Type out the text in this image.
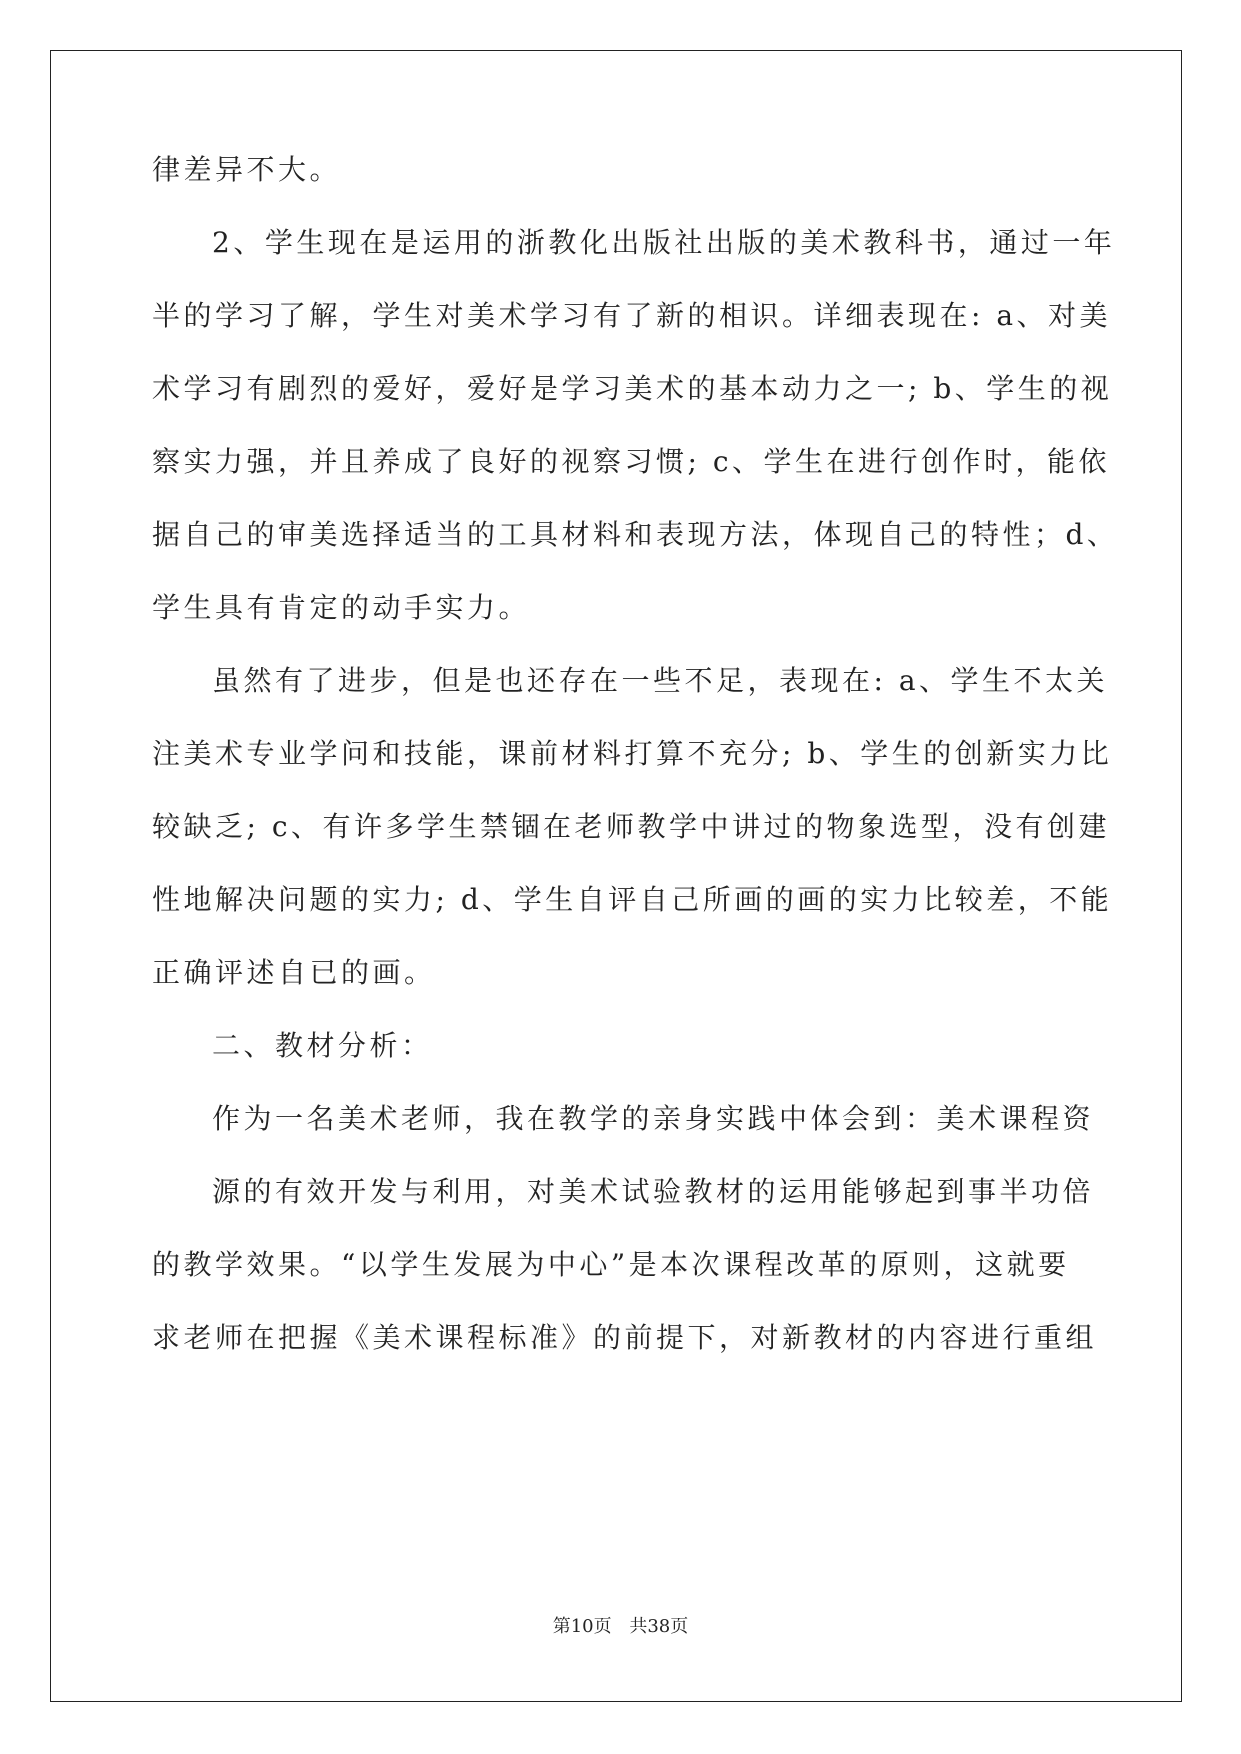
律差异不大。
2、学生现在是运用的浙教化出版社出版的美术教科书，通过一年
半的学习了解，学生对美术学习有了新的相识。详细表现在: a、对美
术学习有剧烈的爱好，爱好是学习美术的基本动力之一; b、学生的视
察实力强，并且养成了良好的视察习惯; c、学生在进行创作时，能依
据自己的审美选择适当的工具材料和表现方法，体现自己的特性；d、
学生具有肯定的动手实力。
虽然有了进步，但是也还存在一些不足，表现在: a、学生不太关
注美术专业学问和技能，课前材料打算不充分; b、学生的创新实力比
较缺乏; c、有许多学生禁锢在老师教学中讲过的物象选型，没有创建
性地解决问题的实力; d、学生自评自己所画的画的实力比较差，不能
正确评述自已的画。
二、教材分析：
作为一名美术老师，我在教学的亲身实践中体会到：美术课程资
源的有效开发与利用，对美术试验教材的运用能够起到事半功倍
的教学效果。“以学生发展为中心”是本次课程改革的原则，这就要
求老师在把握《美术课程标准》的前提下，对新教材的内容进行重组
第10页 共38页
